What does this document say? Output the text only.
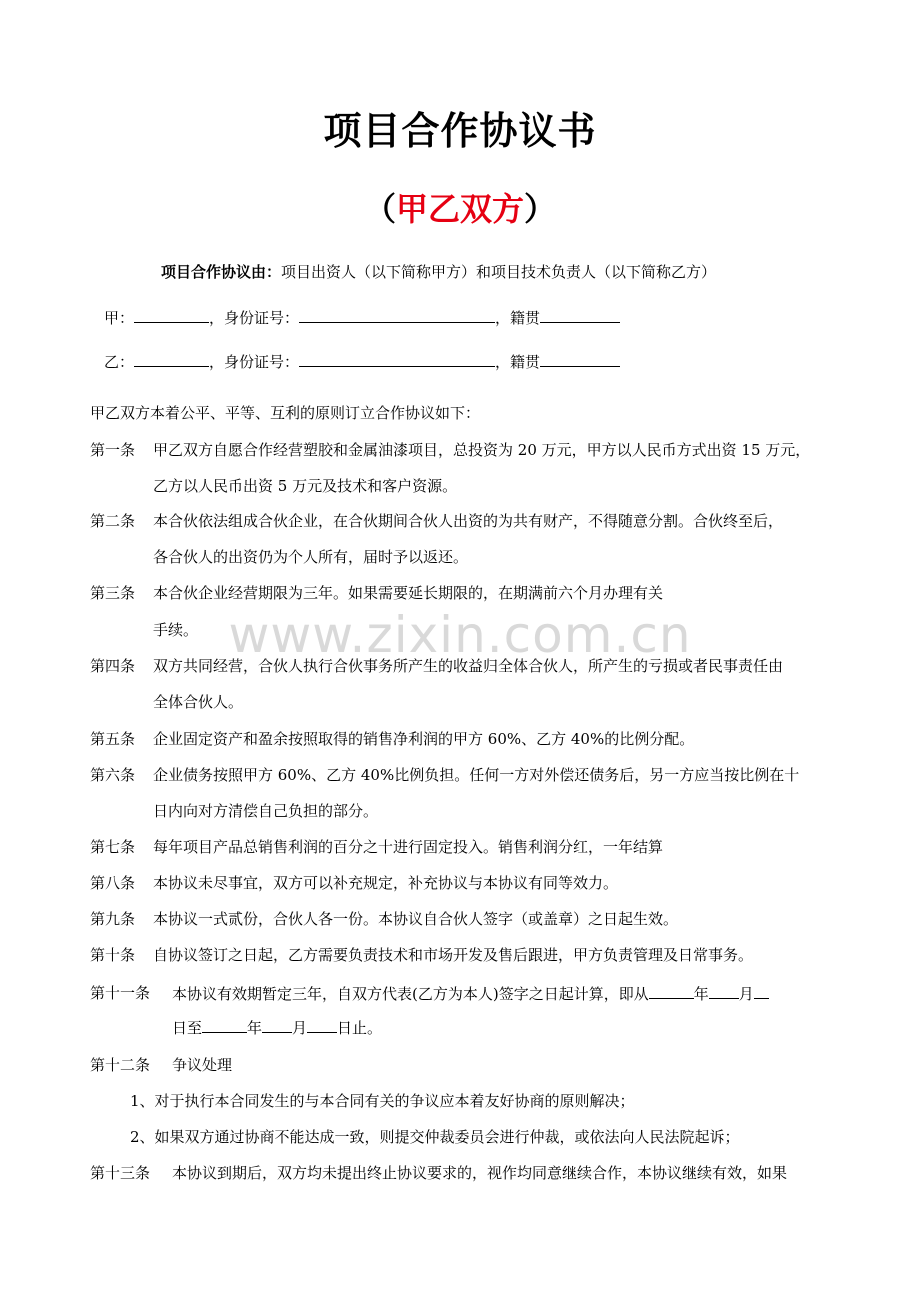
项目合作协议书
（甲乙双方）
项目合作协议由：项目出资人（以下简称甲方）和项目技术负责人（以下简称乙方）
甲：	，身份证号：	，籍贯
乙：	，身份证号：	，籍贯
甲乙双方本着公平、平等、互利的原则订立合作协议如下：
第一条 甲乙双方自愿合作经营塑胶和金属油漆项目，总投资为 20 万元，甲方以人民币方式出资 15 万元，
乙方以人民币出资 5 万元及技术和客户资源。
第二条 本合伙依法组成合伙企业，在合伙期间合伙人出资的为共有财产，不得随意分割。合伙终至后，
各合伙人的出资仍为个人所有，届时予以返还。
第三条 本合伙企业经营期限为三年。如果需要延长期限的，在期满前六个月办理有关
手续。
第四条 双方共同经营，合伙人执行合伙事务所产生的收益归全体合伙人，所产生的亏损或者民事责任由
全体合伙人。
第五条 企业固定资产和盈余按照取得的销售净利润的甲方 60%、乙方 40%的比例分配。
第六条 企业债务按照甲方 60%、乙方 40%比例负担。任何一方对外偿还债务后，另一方应当按比例在十
日内向对方清偿自己负担的部分。
第七条 每年项目产品总销售利润的百分之十进行固定投入。销售利润分红，一年结算
第八条 本协议未尽事宜，双方可以补充规定，补充协议与本协议有同等效力。
第九条 本协议一式贰份，合伙人各一份。本协议自合伙人签字（或盖章）之日起生效。
第十条 自协议签订之日起，乙方需要负责技术和市场开发及售后跟进，甲方负责管理及日常事务。
第十一条 本协议有效期暂定三年，自双方代表(乙方为本人)签字之日起计算，即从	年 月
日至	年 月 日止。
第十二条 争议处理
1、对于执行本合同发生的与本合同有关的争议应本着友好协商的原则解决；
2、如果双方通过协商不能达成一致，则提交仲裁委员会进行仲裁，或依法向人民法院起诉；
第十三条 本协议到期后，双方均未提出终止协议要求的，视作均同意继续合作，本协议继续有效，如果
www.zixin.com.cn
